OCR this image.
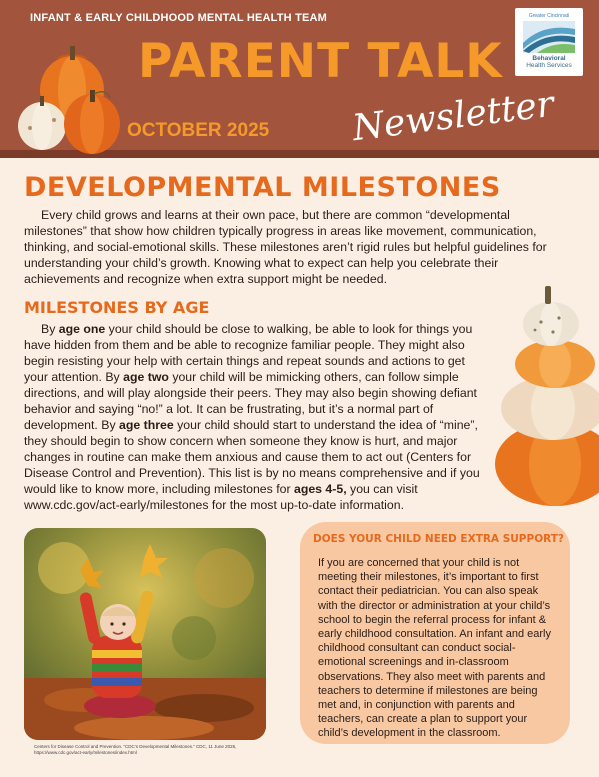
INFANT & EARLY CHILDHOOD MENTAL HEALTH TEAM
PARENT TALK
Newsletter
OCTOBER 2025
Greater Cincinnati
Behavioral
Health Services
DEVELOPMENTAL MILESTONES

Every child grows and learns at their own pace, but there are common “developmental milestones” that show how children typically progress in areas like movement, communication, thinking, and social-emotional skills. These milestones aren’t rigid rules but helpful guidelines for understanding your child’s growth. Knowing what to expect can help you celebrate their achievements and recognize when extra support might be needed.

MILESTONES BY AGE

By age one your child should be close to walking, be able to look for things you have hidden from them and be able to recognize familiar people. They might also begin resisting your help with certain things and repeat sounds and actions to get your attention. By age two your child will be mimicking others, can follow simple directions, and will play alongside their peers. They may also begin showing defiant behavior and saying “no!” a lot. It can be frustrating, but it’s a normal part of development. By age three your child should start to understand the idea of “mine”, they should begin to show concern when someone they know is hurt, and major changes in routine can make them anxious and cause them to act out (Centers for Disease Control and Prevention). This list is by no means comprehensive and if you would like to know more, including milestones for ages 4-5, you can visit www.cdc.gov/act-early/milestones for the most up-to-date information.

Centers for Disease Control and Prevention. “CDC’s Developmental Milestones.” CDC, 11 June 2025, https://www.cdc.gov/act-early/milestones/index.html
DOES YOUR CHILD NEED EXTRA SUPPORT?

If you are concerned that your child is not meeting their milestones, it’s important to first contact their pediatrician. You can also speak with the director or administration at your child’s school to begin the referral process for infant & early childhood consultation. An infant and early childhood consultant can conduct social-emotional screenings and in-classroom observations. They also meet with parents and teachers to determine if milestones are being met and, in conjunction with parents and teachers, can create a plan to support your child’s development in the classroom.
